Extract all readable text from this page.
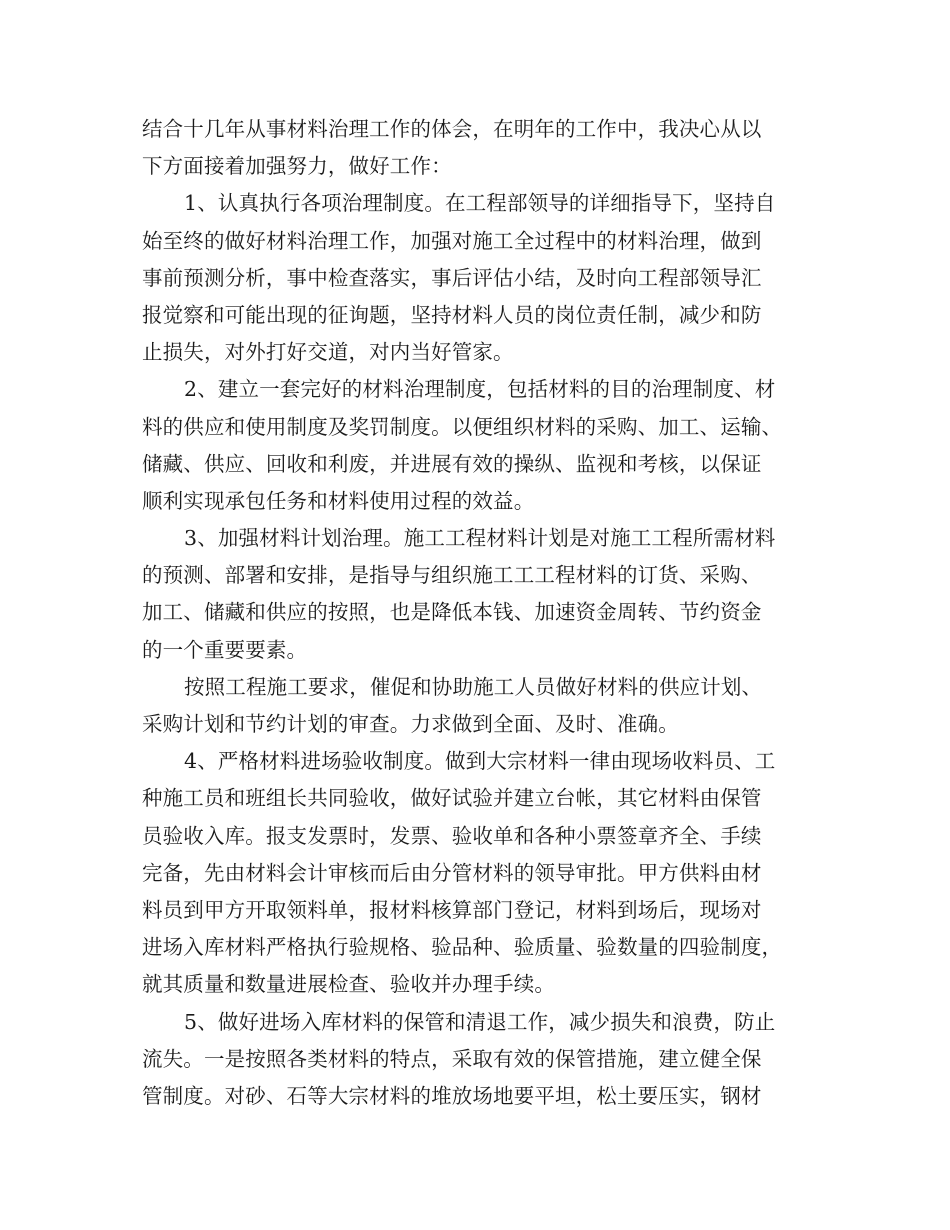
结合十几年从事材料治理工作的体会，在明年的工作中，我决心从以
下方面接着加强努力，做好工作：
1、认真执行各项治理制度。在工程部领导的详细指导下，坚持自
始至终的做好材料治理工作，加强对施工全过程中的材料治理，做到
事前预测分析，事中检查落实，事后评估小结，及时向工程部领导汇
报觉察和可能出现的征询题，坚持材料人员的岗位责任制，减少和防
止损失，对外打好交道，对内当好管家。
2、建立一套完好的材料治理制度，包括材料的目的治理制度、材
料的供应和使用制度及奖罚制度。以便组织材料的采购、加工、运输、
储藏、供应、回收和利废，并进展有效的操纵、监视和考核，以保证
顺利实现承包任务和材料使用过程的效益。
3、加强材料计划治理。施工工程材料计划是对施工工程所需材料
的预测、部署和安排，是指导与组织施工工工程材料的订货、采购、
加工、储藏和供应的按照，也是降低本钱、加速资金周转、节约资金
的一个重要要素。
按照工程施工要求，催促和协助施工人员做好材料的供应计划、
采购计划和节约计划的审查。力求做到全面、及时、准确。
4、严格材料进场验收制度。做到大宗材料一律由现场收料员、工
种施工员和班组长共同验收，做好试验并建立台帐，其它材料由保管
员验收入库。报支发票时，发票、验收单和各种小票签章齐全、手续
完备，先由材料会计审核而后由分管材料的领导审批。甲方供料由材
料员到甲方开取领料单，报材料核算部门登记，材料到场后，现场对
进场入库材料严格执行验规格、验品种、验质量、验数量的四验制度，
就其质量和数量进展检查、验收并办理手续。
5、做好进场入库材料的保管和清退工作，减少损失和浪费，防止
流失。一是按照各类材料的特点，采取有效的保管措施，建立健全保
管制度。对砂、石等大宗材料的堆放场地要平坦，松土要压实，钢材
